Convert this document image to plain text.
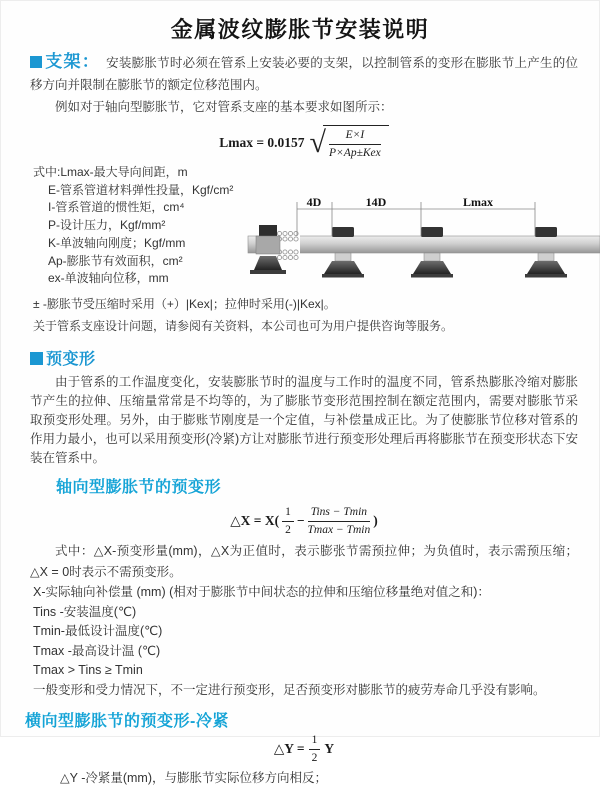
金属波纹膨胀节安装说明

支架： 安装膨胀节时必须在管系上安装必要的支架，以控制管系的变形在膨胀节上产生的位移方向并限制在膨胀节的额定位移范围内。

例如对于轴向型膨胀节，它对管系支座的基本要求如图所示：

Lmax = 0.0157 √ $\frac{E\times I}{\text{P×Ap±Kex}}$
式中:Lmax-最大导向间距，m
E-管系管道材料弹性投量，Kgf/cm²
I-管系管道的惯性矩，cm⁴
P-设计压力，Kgf/mm²
K-单波轴向刚度；Kgf/mm
Ap-膨胀节有效面积，cm²
ex-单波轴向位移，mm
4D	14D	Lmax

± -膨胀节受压缩时采用（+）|Kex|；拉伸时采用(-)|Kex|。

关于管系支座设计问题，请参阅有关资料，本公司也可为用户提供咨询等服务。

预变形

由于管系的工作温度变化，安装膨胀节时的温度与工作时的温度不同，管系热膨胀冷缩对膨胀节产生的拉伸、压缩量常常是不均等的，为了膨胀节变形范围控制在额定范围内，需要对膨胀节采取预变形处理。另外，由于膨账节刚度是一个定值，与补偿量成正比。为了使膨胀节位移对管系的作用力最小，也可以采用预变形(冷紧)方让对膨胀节进行预变形处理后再将膨胀节在预变形状态下安装在管系中。

轴向型膨胀节的预变形
△X = $X( \frac{1}{2} - \frac{\text{Tins − Tmin}}{Tmax - Tmin}$ )

式中：△X-预变形量(mm)，△X为正值时，表示膨张节需预拉伸；为负值时，表示需预压缩；△X = 0时表示不需预变形。

X-实际轴向补偿量 (mm) (相对于膨胀节中间状态的拉伸和压缩位移量绝对值之和)：

Tins -安装温度(℃)

Tmin-最低设计温度(℃)

Tmax -最高设计温 (℃)

Tmax > Tins ≥ Tmin

一般变形和受力情况下，不一定进行预变形，足否预变形对膨胀节的疲劳寿命几乎没有影响。

横向型膨胀节的预变形-冷紧
△Y = $\frac{1}{2}$ Y

△Y -冷紧量(mm)，与膨胀节实际位移方向相反；
